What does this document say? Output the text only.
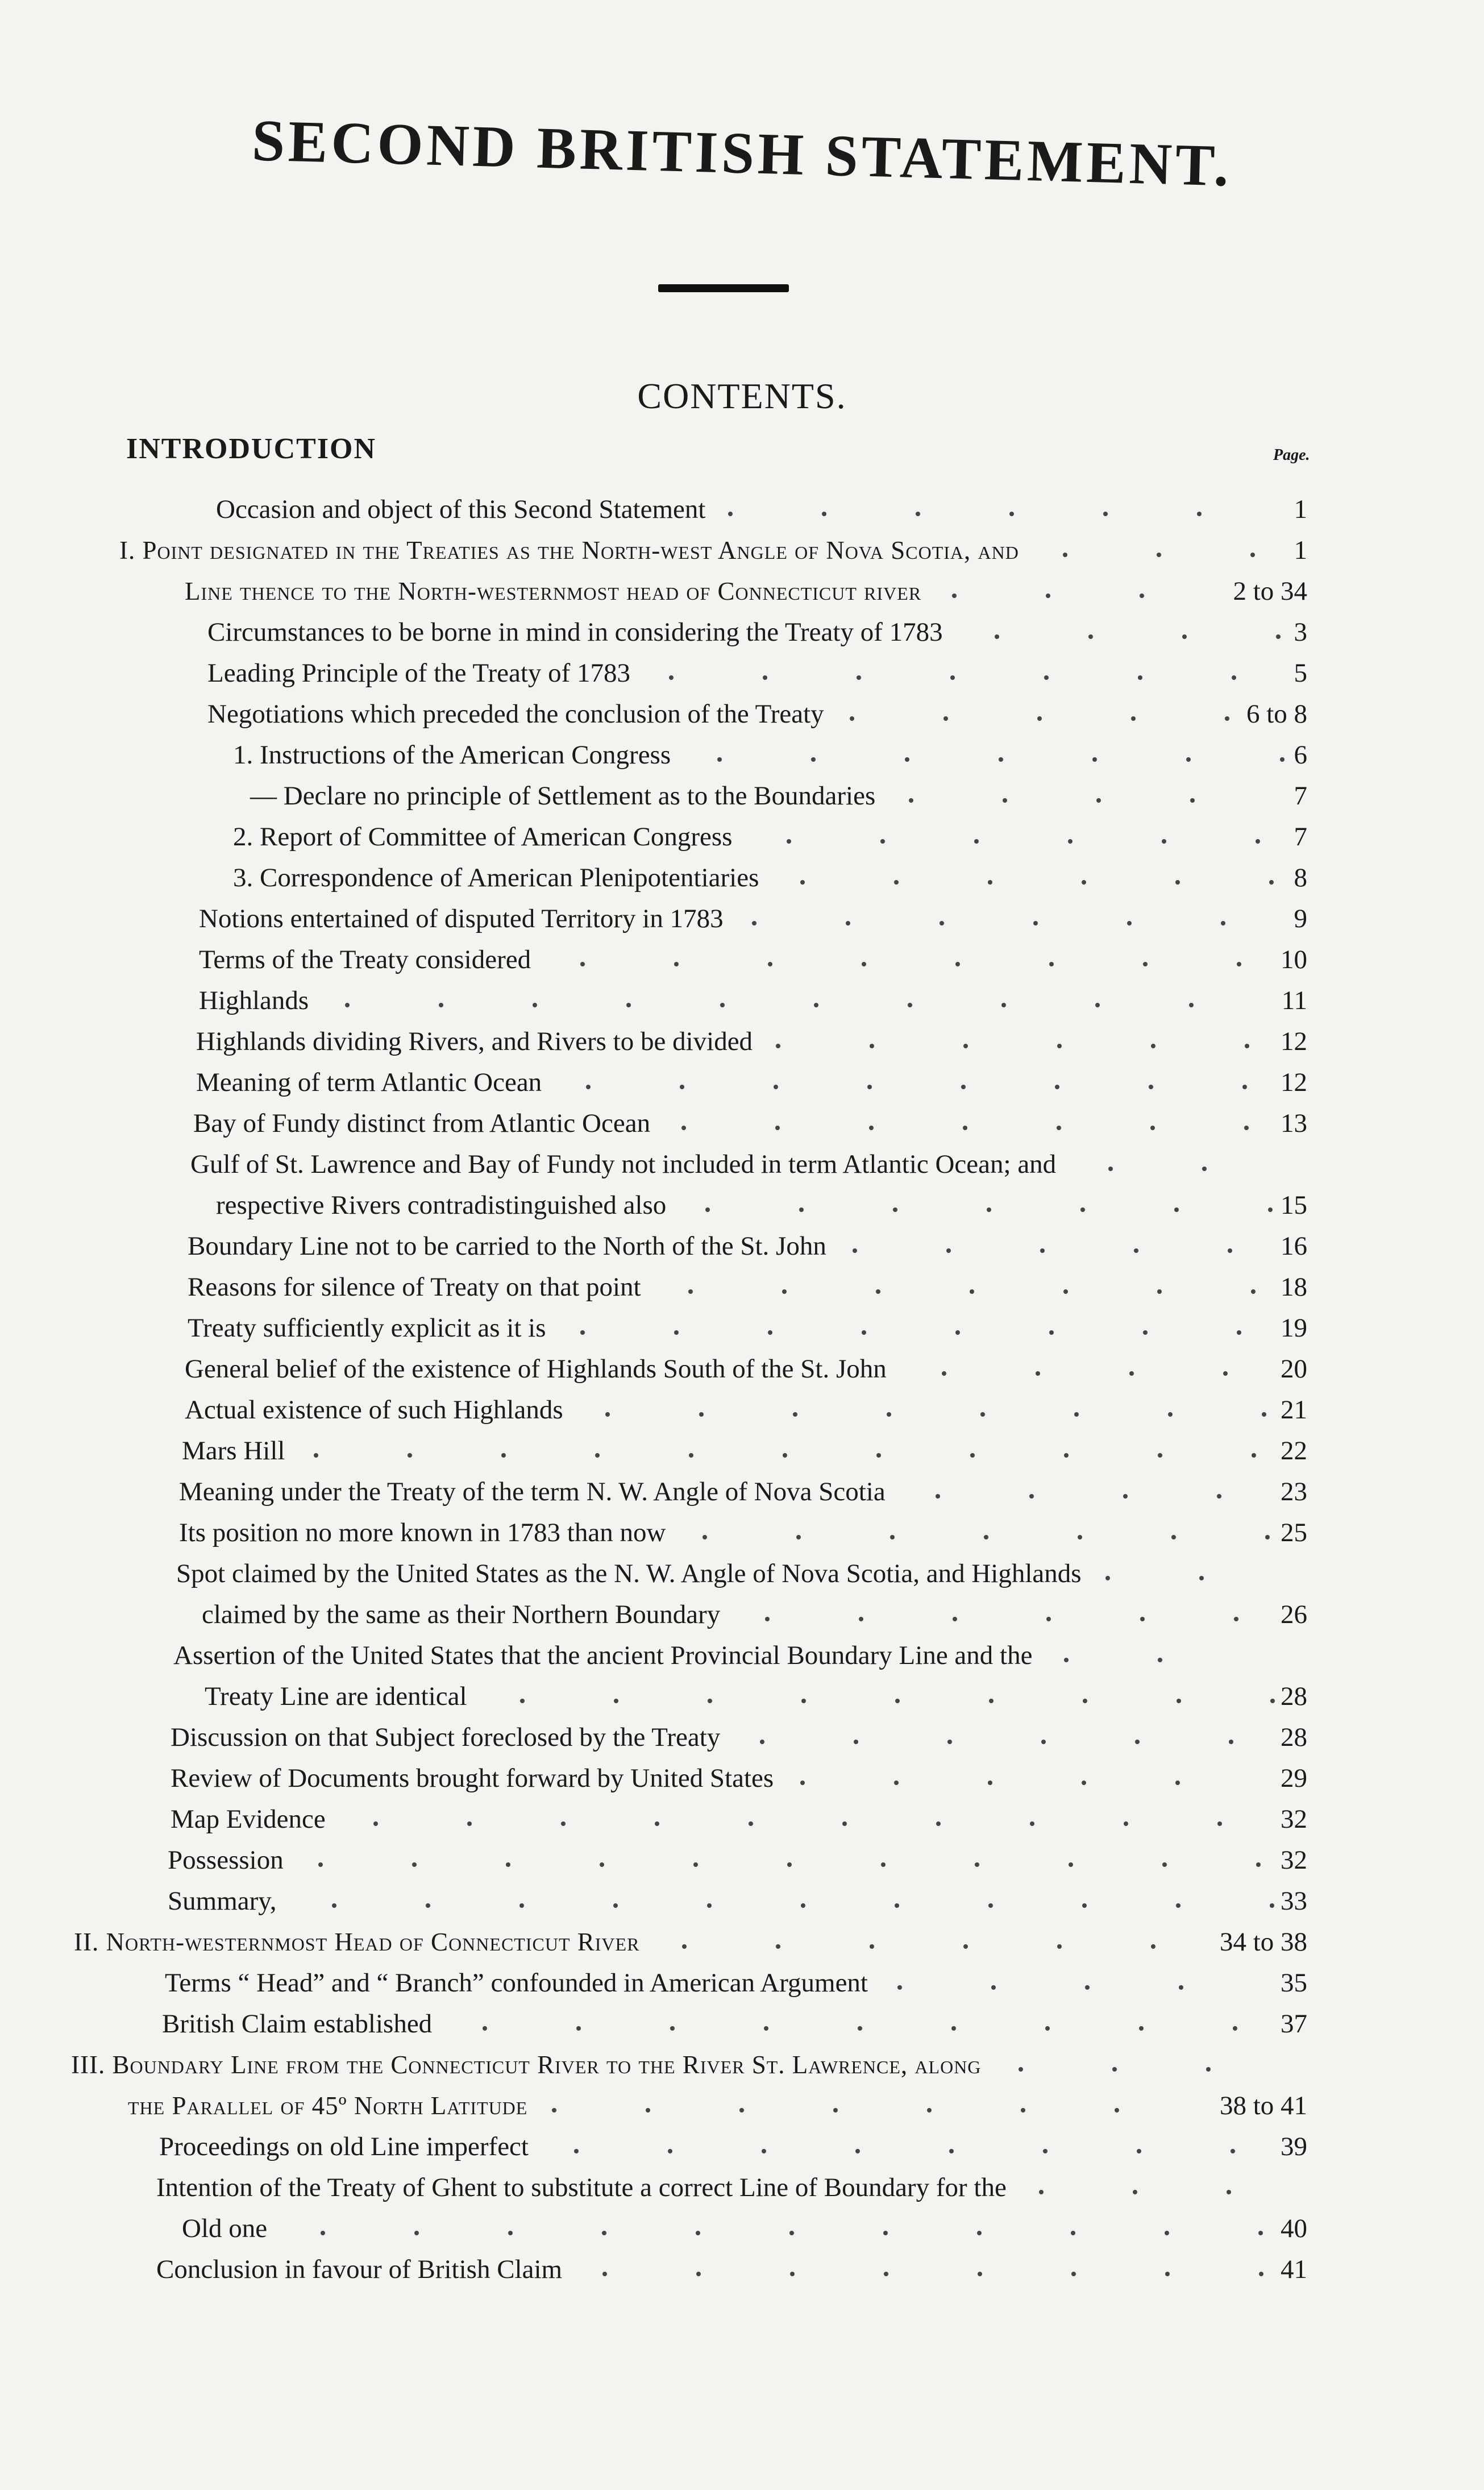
SECOND BRITISH STATEMENT.
CONTENTS.
INTRODUCTION	Page.
Occasion and object of this Second Statement	1
I. Point designated in the Treaties as the North-west Angle of Nova Scotia, and	1
Line thence to the North-westernmost head of Connecticut river	2 to 34
Circumstances to be borne in mind in considering the Treaty of 1783	3
Leading Principle of the Treaty of 1783	5
Negotiations which preceded the conclusion of the Treaty	6 to 8
1. Instructions of the American Congress	6
— Declare no principle of Settlement as to the Boundaries	7
2. Report of Committee of American Congress	7
3. Correspondence of American Plenipotentiaries	8
Notions entertained of disputed Territory in 1783	9
Terms of the Treaty considered	10
Highlands	11
Highlands dividing Rivers, and Rivers to be divided	12
Meaning of term Atlantic Ocean	12
Bay of Fundy distinct from Atlantic Ocean	13
Gulf of St. Lawrence and Bay of Fundy not included in term Atlantic Ocean; and
respective Rivers contradistinguished also	15
Boundary Line not to be carried to the North of the St. John	16
Reasons for silence of Treaty on that point	18
Treaty sufficiently explicit as it is	19
General belief of the existence of Highlands South of the St. John	20
Actual existence of such Highlands	21
Mars Hill	22
Meaning under the Treaty of the term N. W. Angle of Nova Scotia	23
Its position no more known in 1783 than now	25
Spot claimed by the United States as the N. W. Angle of Nova Scotia, and Highlands
claimed by the same as their Northern Boundary	26
Assertion of the United States that the ancient Provincial Boundary Line and the
Treaty Line are identical	28
Discussion on that Subject foreclosed by the Treaty	28
Review of Documents brought forward by United States	29
Map Evidence	32
Possession	32
Summary,	33
II. North-westernmost Head of Connecticut River	34 to 38
Terms “ Head” and “ Branch” confounded in American Argument	35
British Claim established	37
III. Boundary Line from the Connecticut River to the River St. Lawrence, along
the Parallel of 45º North Latitude	38 to 41
Proceedings on old Line imperfect	39
Intention of the Treaty of Ghent to substitute a correct Line of Boundary for the
Old one	40
Conclusion in favour of British Claim	41
